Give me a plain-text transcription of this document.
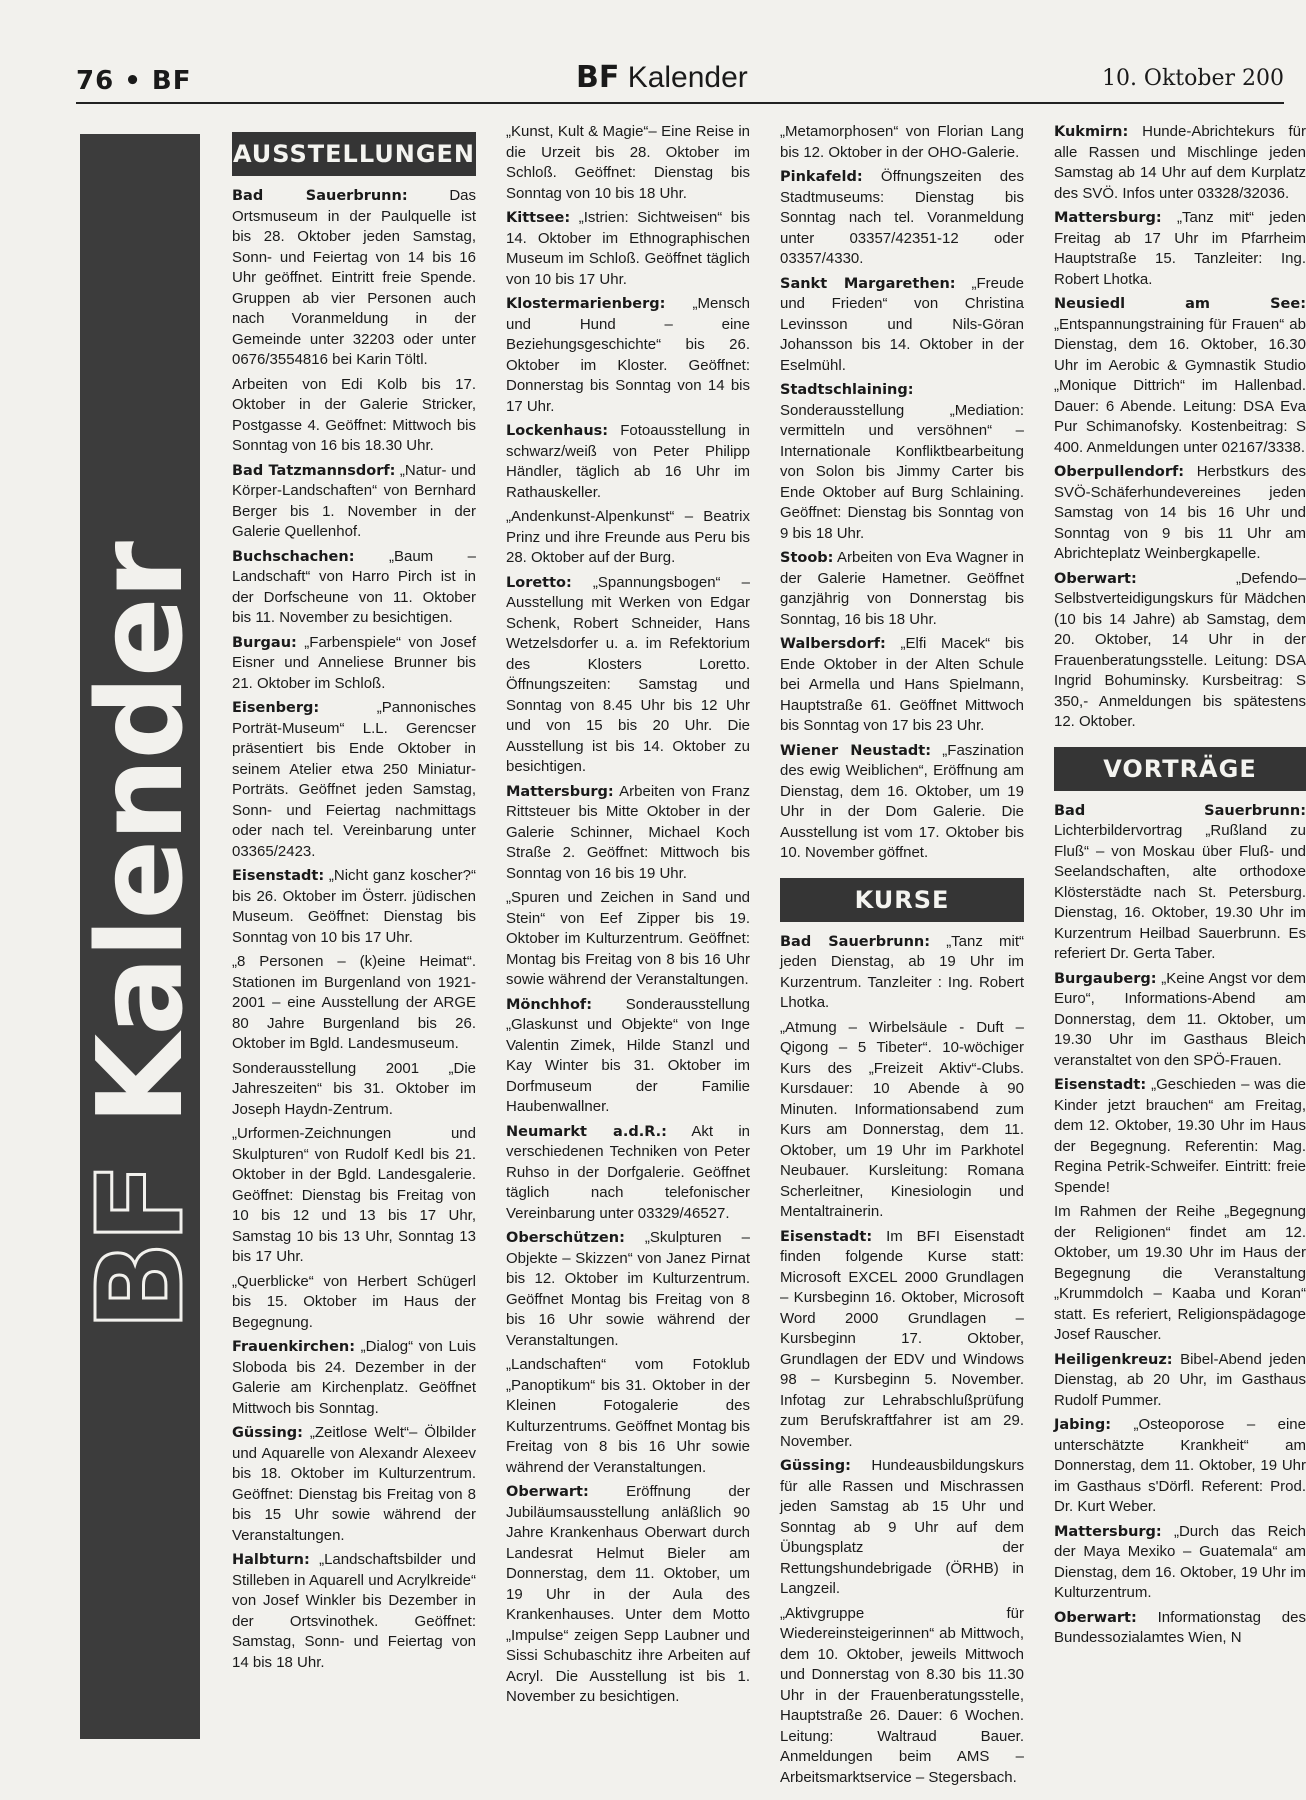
76 • BF	BF Kalender	10. Oktober 200
BF Kalender
AUSSTELLUNGEN

Bad Sauerbrunn: Das Ortsmuseum in der Paulquelle ist bis 28. Oktober jeden Samstag, Sonn- und Feiertag von 14 bis 16 Uhr geöffnet. Eintritt freie Spende. Gruppen ab vier Personen auch nach Voranmeldung in der Gemeinde unter 32203 oder unter 0676/3554816 bei Karin Töltl.

Arbeiten von Edi Kolb bis 17. Oktober in der Galerie Stricker, Postgasse 4. Geöffnet: Mittwoch bis Sonntag von 16 bis 18.30 Uhr.

Bad Tatzmannsdorf: „Natur- und Körper-Landschaften“ von Bernhard Berger bis 1. November in der Galerie Quellenhof.

Buchschachen: „Baum – Landschaft“ von Harro Pirch ist in der Dorfscheune von 11. Oktober bis 11. November zu besichtigen.

Burgau: „Farbenspiele“ von Josef Eisner und Anneliese Brunner bis 21. Oktober im Schloß.

Eisenberg: „Pannonisches Porträt-Museum“ L.L. Gerencser präsentiert bis Ende Oktober in seinem Atelier etwa 250 Miniatur-Porträts. Geöffnet jeden Samstag, Sonn- und Feiertag nachmittags oder nach tel. Vereinbarung unter 03365/2423.

Eisenstadt: „Nicht ganz koscher?“ bis 26. Oktober im Österr. jüdischen Museum. Geöffnet: Dienstag bis Sonntag von 10 bis 17 Uhr.

„8 Personen – (k)eine Heimat“. Stationen im Burgenland von 1921-2001 – eine Ausstellung der ARGE 80 Jahre Burgenland bis 26. Oktober im Bgld. Landesmuseum.

Sonderausstellung 2001 „Die Jahreszeiten“ bis 31. Oktober im Joseph Haydn-Zentrum.

„Urformen-Zeichnungen und Skulpturen“ von Rudolf Kedl bis 21. Oktober in der Bgld. Landesgalerie. Geöffnet: Dienstag bis Freitag von 10 bis 12 und 13 bis 17 Uhr, Samstag 10 bis 13 Uhr, Sonntag 13 bis 17 Uhr.

„Querblicke“ von Herbert Schügerl bis 15. Oktober im Haus der Begegnung.

Frauenkirchen: „Dialog“ von Luis Sloboda bis 24. Dezember in der Galerie am Kirchenplatz. Geöffnet Mittwoch bis Sonntag.

Güssing: „Zeitlose Welt“– Ölbilder und Aquarelle von Alexandr Alexeev bis 18. Oktober im Kulturzentrum. Geöffnet: Dienstag bis Freitag von 8 bis 15 Uhr sowie während der Veranstaltungen.

Halbturn: „Landschaftsbilder und Stilleben in Aquarell und Acrylkreide“ von Josef Winkler bis Dezember in der Ortsvinothek. Geöffnet: Samstag, Sonn- und Feiertag von 14 bis 18 Uhr.

„Kunst, Kult & Magie“– Eine Reise in die Urzeit bis 28. Oktober im Schloß. Geöffnet: Dienstag bis Sonntag von 10 bis 18 Uhr.

Kittsee: „Istrien: Sichtweisen“ bis 14. Oktober im Ethnographischen Museum im Schloß. Geöffnet täglich von 10 bis 17 Uhr.

Klostermarienberg: „Mensch und Hund – eine Beziehungsgeschichte“ bis 26. Oktober im Kloster. Geöffnet: Donnerstag bis Sonntag von 14 bis 17 Uhr.

Lockenhaus: Fotoausstellung in schwarz/weiß von Peter Philipp Händler, täglich ab 16 Uhr im Rathauskeller.

„Andenkunst-Alpenkunst“ – Beatrix Prinz und ihre Freunde aus Peru bis 28. Oktober auf der Burg.

Loretto: „Spannungsbogen“ – Ausstellung mit Werken von Edgar Schenk, Robert Schneider, Hans Wetzelsdorfer u. a. im Refektorium des Klosters Loretto. Öffnungszeiten: Samstag und Sonntag von 8.45 Uhr bis 12 Uhr und von 15 bis 20 Uhr. Die Ausstellung ist bis 14. Oktober zu besichtigen.

Mattersburg: Arbeiten von Franz Rittsteuer bis Mitte Oktober in der Galerie Schinner, Michael Koch Straße 2. Geöffnet: Mittwoch bis Sonntag von 16 bis 19 Uhr.

„Spuren und Zeichen in Sand und Stein“ von Eef Zipper bis 19. Oktober im Kulturzentrum. Geöffnet: Montag bis Freitag von 8 bis 16 Uhr sowie während der Veranstaltungen.

Mönchhof: Sonderausstellung „Glaskunst und Objekte“ von Inge Valentin Zimek, Hilde Stanzl und Kay Winter bis 31. Oktober im Dorfmuseum der Familie Haubenwallner.

Neumarkt a.d.R.: Akt in verschiedenen Techniken von Peter Ruhso in der Dorfgalerie. Geöffnet täglich nach telefonischer Vereinbarung unter 03329/46527.

Oberschützen: „Skulpturen – Objekte – Skizzen“ von Janez Pirnat bis 12. Oktober im Kulturzentrum. Geöffnet Montag bis Freitag von 8 bis 16 Uhr sowie während der Veranstaltungen.

„Landschaften“ vom Fotoklub „Panoptikum“ bis 31. Oktober in der Kleinen Fotogalerie des Kulturzentrums. Geöffnet Montag bis Freitag von 8 bis 16 Uhr sowie während der Veranstaltungen.

Oberwart: Eröffnung der Jubiläumsausstellung anläßlich 90 Jahre Krankenhaus Oberwart durch Landesrat Helmut Bieler am Donnerstag, dem 11. Oktober, um 19 Uhr in der Aula des Krankenhauses. Unter dem Motto „Impulse“ zeigen Sepp Laubner und Sissi Schubaschitz ihre Arbeiten auf Acryl. Die Ausstellung ist bis 1. November zu besichtigen.

„Metamorphosen“ von Florian Lang bis 12. Oktober in der OHO-Galerie.

Pinkafeld: Öffnungszeiten des Stadtmuseums: Dienstag bis Sonntag nach tel. Voranmeldung unter 03357/42351-12 oder 03357/4330.

Sankt Margarethen: „Freude und Frieden“ von Christina Levinsson und Nils-Göran Johansson bis 14. Oktober in der Eselmühl.

Stadtschlaining: Sonderausstellung „Mediation: vermitteln und versöhnen“ – Internationale Konfliktbearbeitung von Solon bis Jimmy Carter bis Ende Oktober auf Burg Schlaining. Geöffnet: Dienstag bis Sonntag von 9 bis 18 Uhr.

Stoob: Arbeiten von Eva Wagner in der Galerie Hametner. Geöffnet ganzjährig von Donnerstag bis Sonntag, 16 bis 18 Uhr.

Walbersdorf: „Elfi Macek“ bis Ende Oktober in der Alten Schule bei Armella und Hans Spielmann, Hauptstraße 61. Geöffnet Mittwoch bis Sonntag von 17 bis 23 Uhr.

Wiener Neustadt: „Faszination des ewig Weiblichen“, Eröffnung am Dienstag, dem 16. Oktober, um 19 Uhr in der Dom Galerie. Die Ausstellung ist vom 17. Oktober bis 10. November göffnet.

KURSE

Bad Sauerbrunn: „Tanz mit“ jeden Dienstag, ab 19 Uhr im Kurzentrum. Tanzleiter : Ing. Robert Lhotka.

„Atmung – Wirbelsäule - Duft – Qigong – 5 Tibeter“. 10-wöchiger Kurs des „Freizeit Aktiv“-Clubs. Kursdauer: 10 Abende à 90 Minuten. Informationsabend zum Kurs am Donnerstag, dem 11. Oktober, um 19 Uhr im Parkhotel Neubauer. Kursleitung: Romana Scherleitner, Kinesiologin und Mentaltrainerin.

Eisenstadt: Im BFI Eisenstadt finden folgende Kurse statt: Microsoft EXCEL 2000 Grundlagen – Kursbeginn 16. Oktober, Microsoft Word 2000 Grundlagen – Kursbeginn 17. Oktober, Grundlagen der EDV und Windows 98 – Kursbeginn 5. November. Infotag zur Lehrabschlußprüfung zum Berufskraftfahrer ist am 29. November.

Güssing: Hundeausbildungskurs für alle Rassen und Mischrassen jeden Samstag ab 15 Uhr und Sonntag ab 9 Uhr auf dem Übungsplatz der Rettungshundebrigade (ÖRHB) in Langzeil.

„Aktivgruppe für Wiedereinsteigerinnen“ ab Mittwoch, dem 10. Oktober, jeweils Mittwoch und Donnerstag von 8.30 bis 11.30 Uhr in der Frauenberatungsstelle, Hauptstraße 26. Dauer: 6 Wochen. Leitung: Waltraud Bauer. Anmeldungen beim AMS – Arbeitsmarktservice – Stegersbach.

Kukmirn: Hunde-Abrichtekurs für alle Rassen und Mischlinge jeden Samstag ab 14 Uhr auf dem Kurplatz des SVÖ. Infos unter 03328/32036.

Mattersburg: „Tanz mit“ jeden Freitag ab 17 Uhr im Pfarrheim Hauptstraße 15. Tanzleiter: Ing. Robert Lhotka.

Neusiedl am See: „Entspannungstraining für Frauen“ ab Dienstag, dem 16. Oktober, 16.30 Uhr im Aerobic & Gymnastik Studio „Monique Dittrich“ im Hallenbad. Dauer: 6 Abende. Leitung: DSA Eva Pur Schimanofsky. Kostenbeitrag: S 400. Anmeldungen unter 02167/3338.

Oberpullendorf: Herbstkurs des SVÖ-Schäferhundevereines jeden Samstag von 14 bis 16 Uhr und Sonntag von 9 bis 11 Uhr am Abrichteplatz Weinbergkapelle.

Oberwart: „Defendo– Selbstverteidigungskurs für Mädchen (10 bis 14 Jahre) ab Samstag, dem 20. Oktober, 14 Uhr in der Frauenberatungsstelle. Leitung: DSA Ingrid Bohuminsky. Kursbeitrag: S 350,- Anmeldungen bis spätestens 12. Oktober.

VORTRÄGE

Bad Sauerbrunn: Lichterbildervortrag „Rußland zu Fluß“ – von Moskau über Fluß- und Seelandschaften, alte orthodoxe Klösterstädte nach St. Petersburg. Dienstag, 16. Oktober, 19.30 Uhr im Kurzentrum Heilbad Sauerbrunn. Es referiert Dr. Gerta Taber.

Burgauberg: „Keine Angst vor dem Euro“, Informations-Abend am Donnerstag, dem 11. Oktober, um 19.30 Uhr im Gasthaus Bleich veranstaltet von den SPÖ-Frauen.

Eisenstadt: „Geschieden – was die Kinder jetzt brauchen“ am Freitag, dem 12. Oktober, 19.30 Uhr im Haus der Begegnung. Referentin: Mag. Regina Petrik-Schweifer. Eintritt: freie Spende!

Im Rahmen der Reihe „Begegnung der Religionen“ findet am 12. Oktober, um 19.30 Uhr im Haus der Begegnung die Veranstaltung „Krummdolch – Kaaba und Koran“ statt. Es referiert, Religionspädagoge Josef Rauscher.

Heiligenkreuz: Bibel-Abend jeden Dienstag, ab 20 Uhr, im Gasthaus Rudolf Pummer.

Jabing: „Osteoporose – eine unterschätzte Krankheit“ am Donnerstag, dem 11. Oktober, 19 Uhr im Gasthaus s'Dörfl. Referent: Prod. Dr. Kurt Weber.

Mattersburg: „Durch das Reich der Maya Mexiko – Guatemala“ am Dienstag, dem 16. Oktober, 19 Uhr im Kulturzentrum.

Oberwart: Informationstag des Bundessozialamtes Wien, N
